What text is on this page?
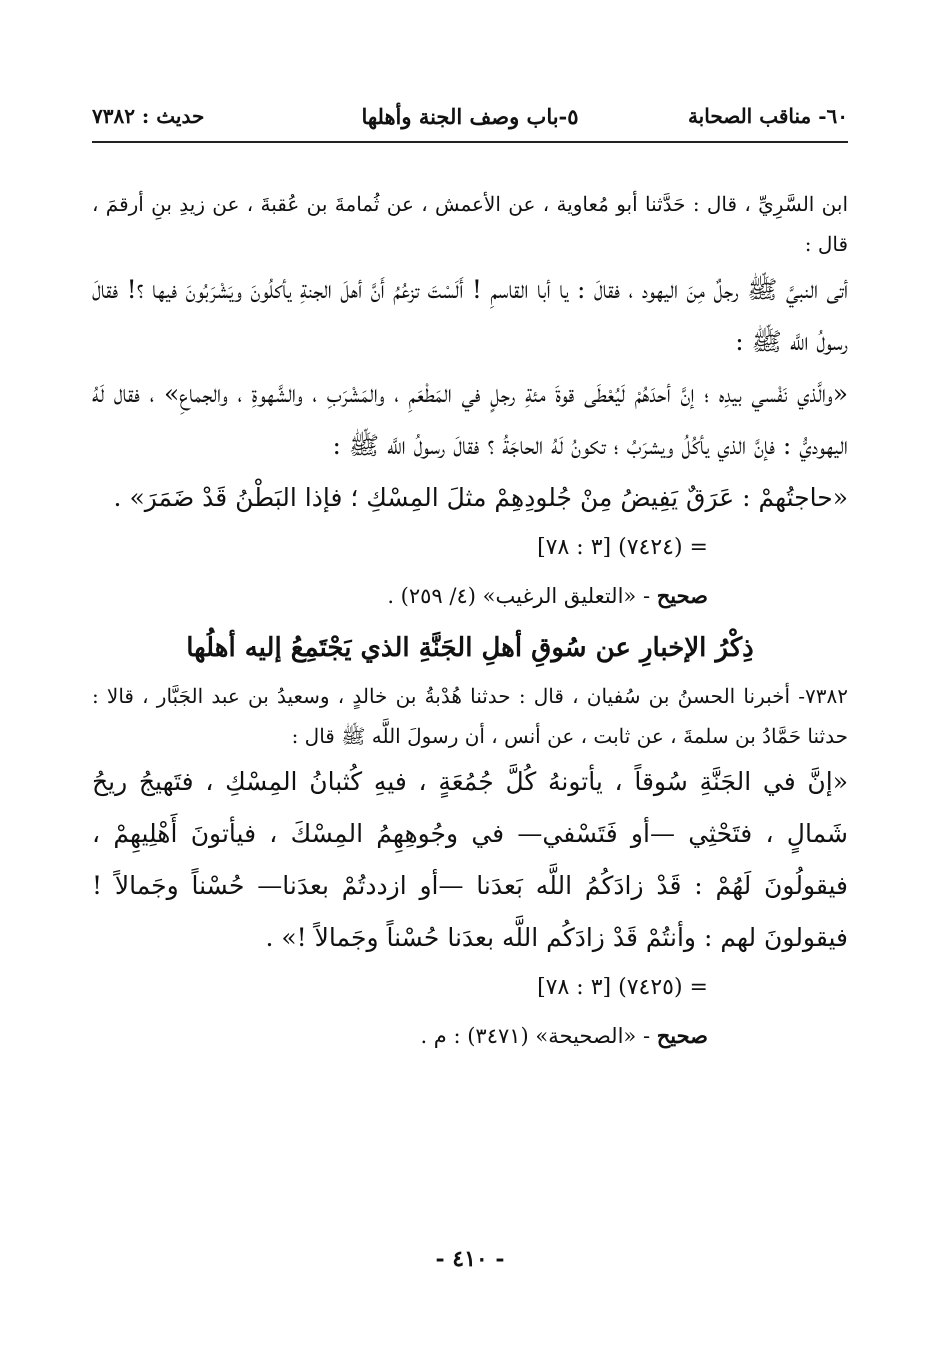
٦٠- مناقب الصحابة
٥-باب وصف الجنة وأهلها
حديث : ٧٣٨٢

ابن السَّرِيِّ ، قال : حَدَّثنا أبو مُعاوية ، عن الأعمش ، عن ثُمامةَ بن عُقبةَ ، عن زيدِ بنِ أرقمَ ، قال :

أتى النبيَّ ﷺ رجلٌ مِنَ اليهود ، فقالَ : يا أبا القاسمِ ! أَلَسْتَ تزعُمُ أَنَّ أهلَ الجنةِ يأكلُونَ ويَشْرَبُونَ فيها ؟! فقالَ رسولُ اللَّه ﷺ :

«والَّذي نَفْسي بيدِه ؛ إنَّ أحدَهُمْ لَيُعْطَى قوةَ مئةِ رجلٍ في المَطْعَمِ ، والمَشْرَبِ ، والشَّهوةِ ، والجماعِ» ، فقال لَهُ اليهوديُّ : فإنَّ الذي يأكُلُ ويشرَبُ ؛ تكونُ لَهُ الحاجَةُ ؟ فقالَ رسولُ اللَّه ﷺ :

«حاجتُهمْ : عَرَقٌ يَفِيضُ مِنْ جُلودِهِمْ مثلَ المِسْكِ ؛ فإذا البَطْنُ قَدْ ضَمَرَ» .

= (٧٤٢٤) [٣ : ٧٨]

صحيح - «التعليق الرغيب» (٤/ ٢٥٩) .

ذِكْرُ الإخبارِ عن سُوقِ أهلِ الجَنَّةِ الذي يَجْتَمِعُ إليه أهلُها

٧٣٨٢- أخبرنا الحسنُ بن سُفيان ، قال : حدثنا هُدْبةُ بن خالدٍ ، وسعيدُ بن عبد الجَبَّار ، قالا : حدثنا حَمَّادُ بن سلمةَ ، عن ثابت ، عن أنس ، أن رسولَ اللَّه ﷺ قال :

«إنَّ في الجَنَّةِ سُوقاً ، يأتونهُ كُلَّ جُمُعَةٍ ، فيهِ كُثبانُ المِسْكِ ، فتَهيجُ ريحُ شَمالٍ ، فتَحْثِي —أو فَتَسْفي— في وجُوهِهِمُ المِسْكَ ، فيأتونَ أَهْلِيهِمْ ، فيقولُونَ لَهُمْ : قَدْ زادَكُمُ اللَّه بَعدَنا —أو ازددتُمْ بعدَنا— حُسْناً وجَمالاً ! فيقولونَ لهم : وأنتُمْ قَدْ زادَكُم اللَّه بعدَنا حُسْناً وجَمالاً !» .

= (٧٤٢٥) [٣ : ٧٨]

صحيح - «الصحيحة» (٣٤٧١) : م .

- ٤١٠ -
